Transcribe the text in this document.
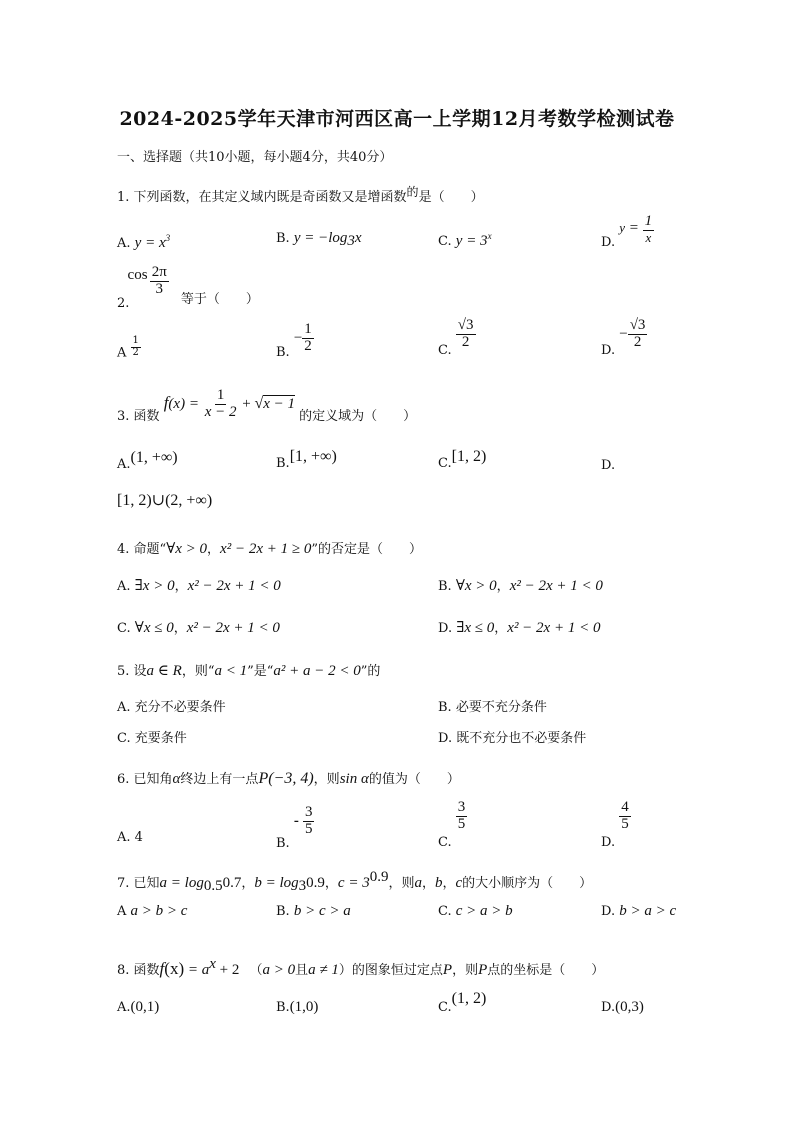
2024-2025学年天津市河西区高一上学期12月考数学检测试卷
一、选择题（共10小题，每小题4分，共40分）
1. 下列函数，在其定义域内既是奇函数又是增函数$^的$是（　　）
A. $y = x^3$	B. $y = -\log_3x$	C. $y = 3^x$	D. $y = \frac{1}{x}$
2. $\cos \frac{2\pi}{3}$
等于（　　）
A $\frac{1}{2}$	B. − $\frac{1}{2}$	C. $\frac{√3}{2}$	D. − $\frac{√3}{2}$
3. 函数 $f(x) = \frac{1}{x - 2} + √x - 1$ 的定义域为（　　）
A.(1, +∞)	B.[1, +∞)	C.[1, 2)
D.
[1, 2)∪(2, +∞)
4. 命题“∀x > 0，x² − 2x + 1 ≥ 0”的否定是（　　）
A. ∃x > 0，x² − 2x + 1 < 0	B. ∀x > 0，x² − 2x + 1 < 0
C. ∀x ≤ 0，x² − 2x + 1 < 0	D. ∃x ≤ 0，x² − 2x + 1 < 0
5. 设a ∈ R，则“a < 1”是“a² + a − 2 < 0”的
A. 充分不必要条件	B. 必要不充分条件
C. 充要条件	D. 既不充分也不必要条件
6. 已知角α终边上有一点P(−3, 4)，则sin α的值为（　　）
A. 4	B. - $\frac{3}{5}$
C.
$\frac{3}{5}$
D.
$\frac{4}{5}$
7. 已知$a = \log_{0.5}0.7$，$b = \log_30.9$，$c = 3^{0.9}$，则a，b，c的大小顺序为（　　）
A a > b > c	B. b > c > a	C. c > a > b	D. b > a > c
8. 函数$f(x) = a^x + 2$ （a > 0且a ≠ 1）的图象恒过定点P，则P点的坐标是（　　）
A.(0,1)	B.(1,0)	C.(1, 2)
D.(0,3)
